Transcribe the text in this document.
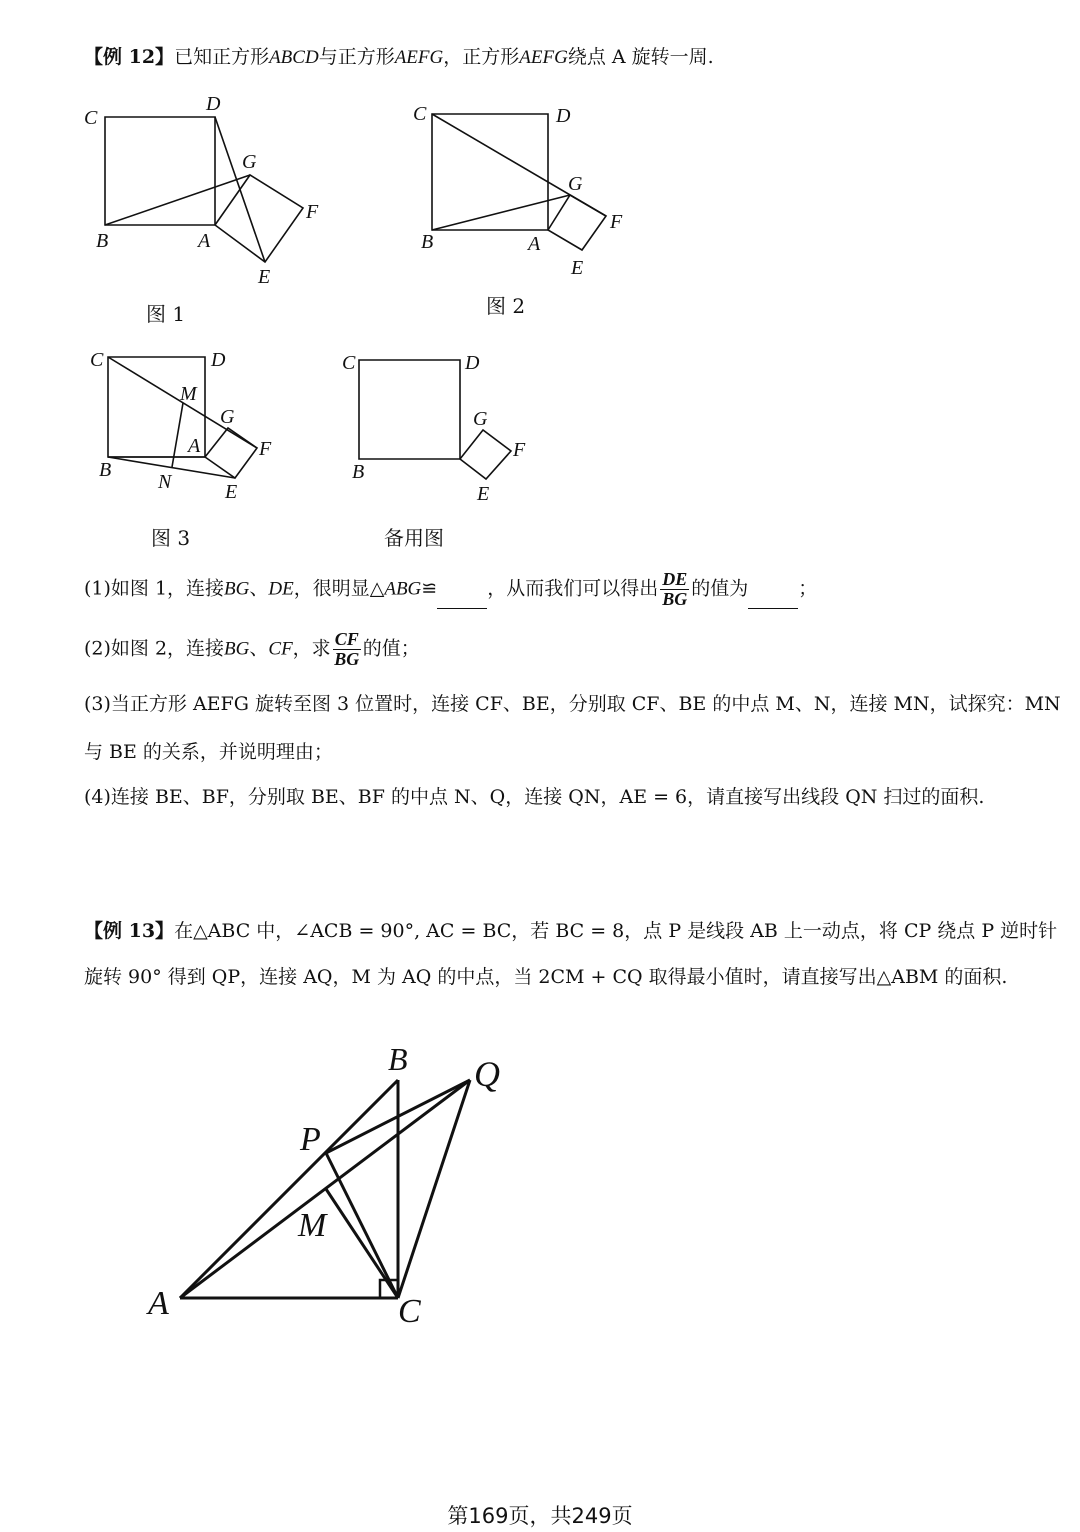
【例 12】已知正方形ABCD与正方形AEFG，正方形AEFG绕点 A 旋转一周.
C
D
G
F
B	A
E
图 1
C	D
G
F
B	A
E
图 2
C	D
M
G
A	F
B
N	E
图 3
C	D
G
F
B
E
备用图
(1)如图 1，连接BG、DE，很明显△ABG≌	，从而我们可以得出 $\frac{DE}{BG}$ 的值为	；
(2)如图 2，连接BG、CF，求 $\frac{CF}{BG}$ 的值；
(3)当正方形 AEFG 旋转至图 3 位置时，连接 CF、BE，分别取 CF、BE 的中点 M、N，连接 MN，试探究：MN
与 BE 的关系，并说明理由；
(4)连接 BE、BF，分别取 BE、BF 的中点 N、Q，连接 QN，AE = 6，请直接写出线段 QN 扫过的面积.
【例 13】在△ABC 中，∠ACB = 90°, AC = BC，若 BC = 8，点 P 是线段 AB 上一动点，将 CP 绕点 P 逆时针
旋转 90° 得到 QP，连接 AQ，M 为 AQ 的中点，当 2CM + CQ 取得最小值时，请直接写出△ABM 的面积.
B Q
P
M
A	C
第169页，共249页
